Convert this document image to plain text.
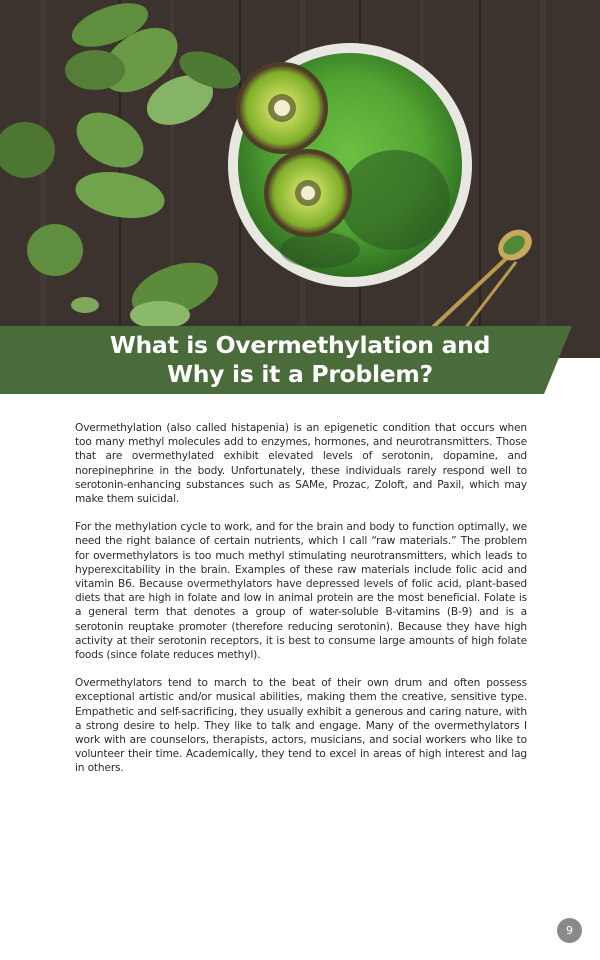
What is Overmethylation and
Why is it a Problem?

Overmethylation (also called histapenia) is an epigenetic condition that occurs when too many methyl molecules add to enzymes, hormones, and neurotransmitters. Those that are overmethylated exhibit elevated levels of serotonin, dopamine, and norepinephrine in the body. Unfortunately, these individuals rarely respond well to serotonin-enhancing substances such as SAMe, Prozac, Zoloft, and Paxil, which may make them suicidal.

For the methylation cycle to work, and for the brain and body to function optimally, we need the right balance of certain nutrients, which I call “raw materials.” The problem for overmethylators is too much methyl stimulating neurotransmitters, which leads to hyperexcitability in the brain. Examples of these raw materials include folic acid and vitamin B6. Because overmethylators have depressed levels of folic acid, plant-based diets that are high in folate and low in animal protein are the most beneficial. Folate is a general term that denotes a group of water-soluble B-vitamins (B-9) and is a serotonin reuptake promoter (therefore reducing serotonin). Because they have high activity at their serotonin receptors, it is best to consume large amounts of high folate foods (since folate reduces methyl).

Overmethylators tend to march to the beat of their own drum and often possess exceptional artistic and/or musical abilities, making them the creative, sensitive type. Empathetic and self-sacrificing, they usually exhibit a generous and caring nature, with a strong desire to help. They like to talk and engage. Many of the overmethylators I work with are counselors, therapists, actors, musicians, and social workers who like to volunteer their time. Academically, they tend to excel in areas of high interest and lag in others.

9
